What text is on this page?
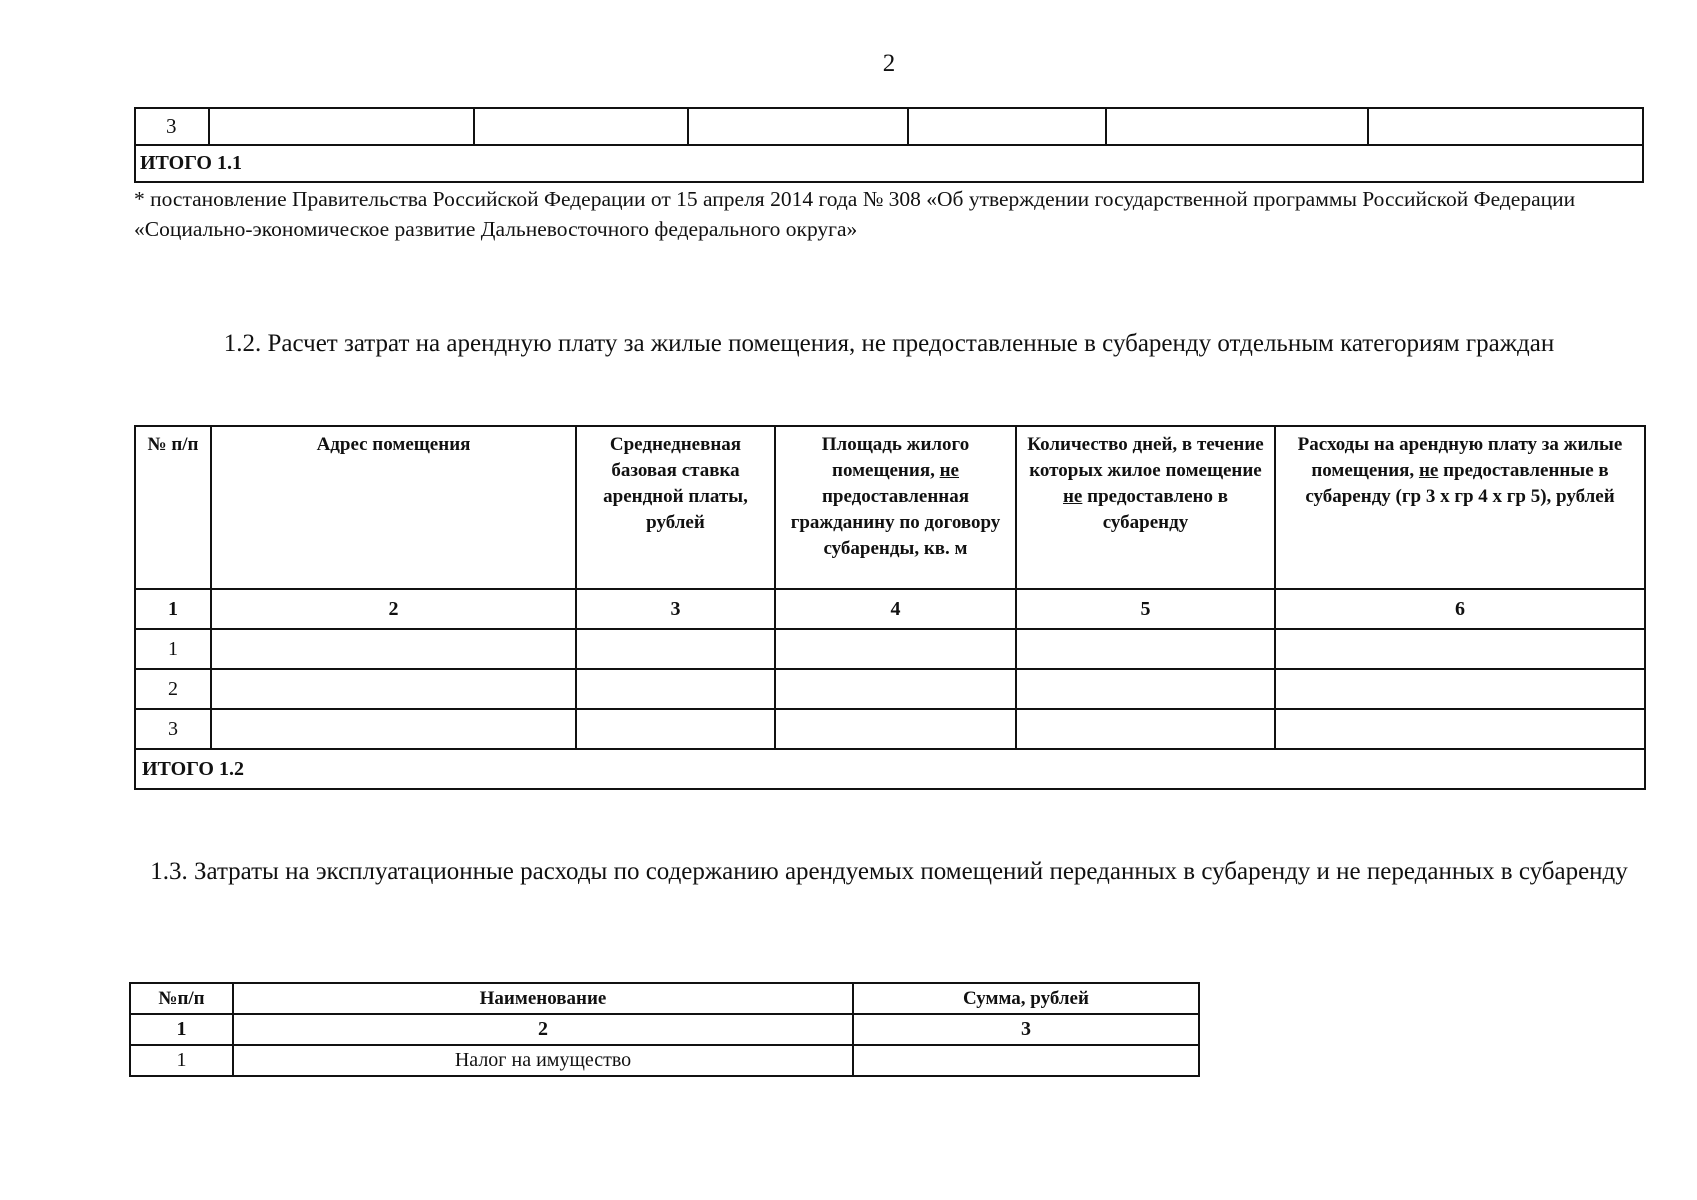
2
3						
ИТОГО 1.1
* постановление Правительства Российской Федерации от 15 апреля 2014 года № 308 «Об утверждении государственной программы Российской Федерации «Социально-экономическое развитие Дальневосточного федерального округа»
1.2. Расчет затрат на арендную плату за жилые помещения, не предоставленные в субаренду отдельным категориям граждан
№ п/п	Адрес помещения	Среднедневная базовая ставка арендной платы, рублей	Площадь жилого помещения, не предоставленная гражданину по договору субаренды, кв. м	Количество дней, в течение которых жилое помещение не предоставлено в субаренду	Расходы на арендную плату за жилые помещения, не предоставленные в субаренду (гр 3 х гр 4 х гр 5), рублей
1	2	3	4	5	6
1					
2					
3					
ИТОГО 1.2					
1.3. Затраты на эксплуатационные расходы по содержанию арендуемых помещений переданных в субаренду и не переданных в субаренду
№п/п	Наименование	Сумма, рублей
1	2	3
1	Налог на имущество	
